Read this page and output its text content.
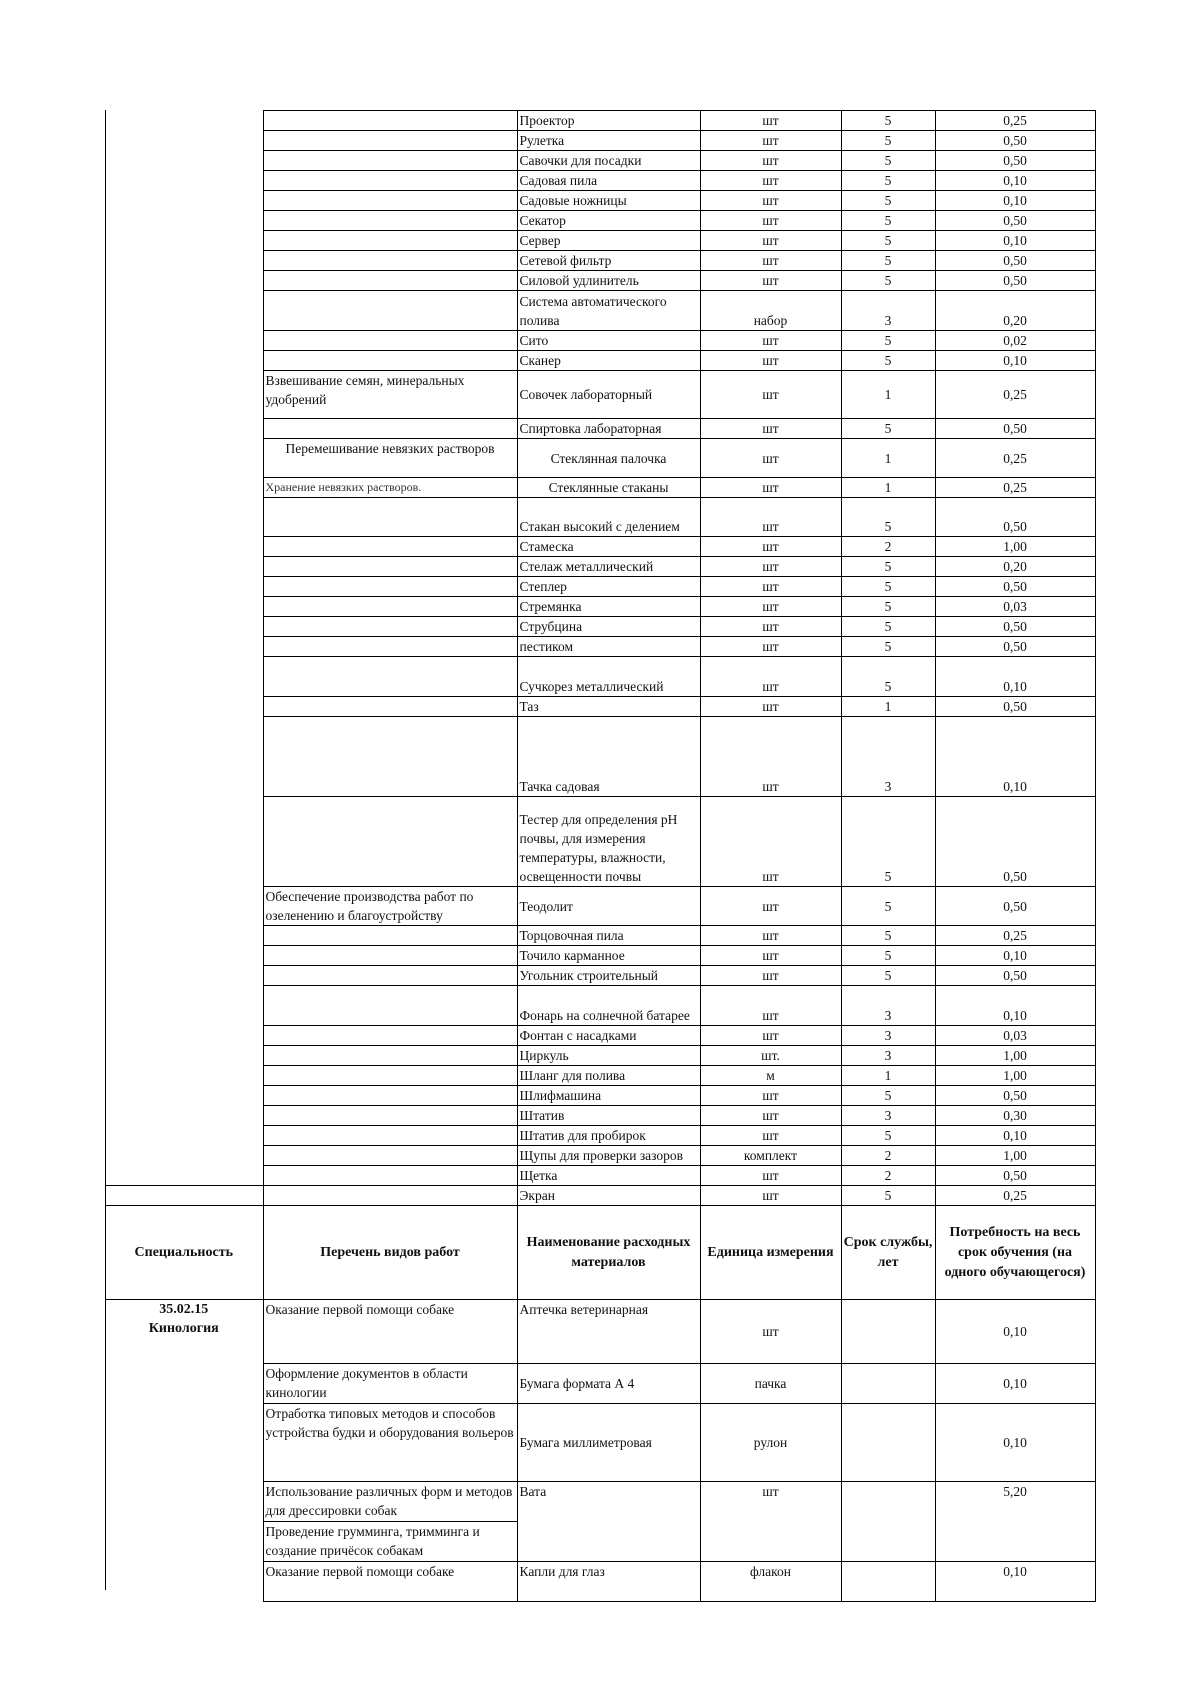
		Проектор	шт	5	0,25
		Рулетка	шт	5	0,50
		Савочки для посадки	шт	5	0,50
		Садовая пила	шт	5	0,10
		Садовые ножницы	шт	5	0,10
		Секатор	шт	5	0,50
		Сервер	шт	5	0,10
		Сетевой фильтр	шт	5	0,50
		Силовой удлинитель	шт	5	0,50
		Система автоматического полива	набор	3	0,20
		Сито	шт	5	0,02
		Сканер	шт	5	0,10
	Взвешивание семян, минеральных удобрений	Совочек лабораторный	шт	1	0,25
		Спиртовка лабораторная	шт	5	0,50
	Перемешивание невязких растворов	Стеклянная палочка	шт	1	0,25
	Хранение невязких растворов.	Стеклянные стаканы	шт	1	0,25
		Стакан высокий с делением	шт	5	0,50
		Стамеска	шт	2	1,00
		Стелаж металлический	шт	5	0,20
		Степлер	шт	5	0,50
		Стремянка	шт	5	0,03
		Струбцина	шт	5	0,50
		пестиком	шт	5	0,50
		Сучкорез металлический	шт	5	0,10
		Таз	шт	1	0,50
		Тачка садовая	шт	3	0,10
		Тестер для определения pH почвы, для измерения температуры, влажности, освещенности почвы	шт	5	0,50
	Обеспечение производства работ по озеленению и благоустройству	Теодолит	шт	5	0,50
		Торцовочная пила	шт	5	0,25
		Точило карманное	шт	5	0,10
		Угольник строительный	шт	5	0,50
		Фонарь на солнечной батарее	шт	3	0,10
		Фонтан с насадками	шт	3	0,03
		Циркуль	шт.	3	1,00
		Шланг для полива	м	1	1,00
		Шлифмашина	шт	5	0,50
		Штатив	шт	3	0,30
		Штатив для пробирок	шт	5	0,10
		Щупы для проверки зазоров	комплект	2	1,00
		Щетка	шт	2	0,50
		Экран	шт	5	0,25
Специальность	Перечень видов работ	Наименование расходных материалов	Единица измерения	Срок службы, лет	Потребность на весь срок обучения (на одного обучающегося)

35.02.15
Кинология	Оказание первой помощи собаке	Аптечка ветеринарная	шт		0,10
	Оформление документов в области кинологии	Бумага формата А 4	пачка		0,10
	Отработка типовых методов и способов устройства будки и оборудования вольеров	Бумага миллиметровая	рулон		0,10
	Использование различных форм и методов для дрессировки собак	Вата	шт		5,20
	Проведение грумминга, тримминга и создание причёсок собакам				
	Оказание первой помощи собаке	Капли для глаз	флакон		0,10
